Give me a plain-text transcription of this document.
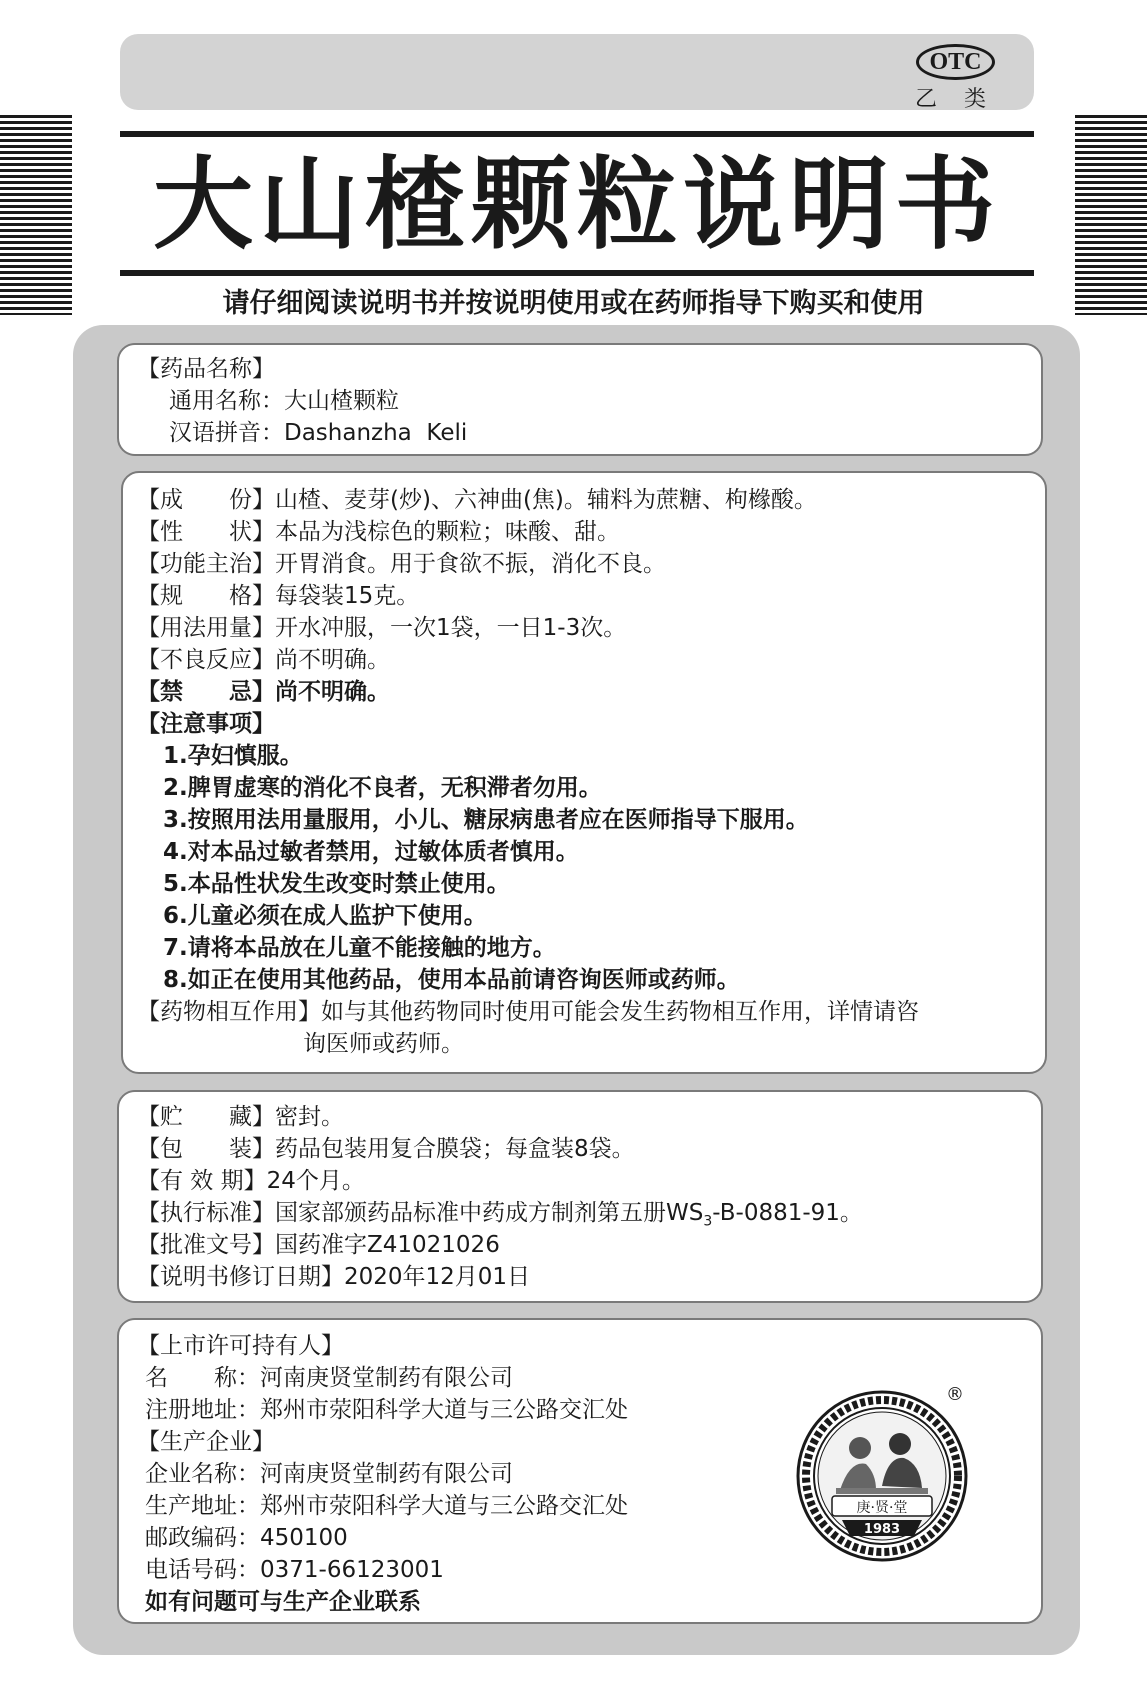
OTC
乙 类
大山楂颗粒说明书
请仔细阅读说明书并按说明使用或在药师指导下购买和使用
【药品名称】
通用名称：大山楂颗粒
汉语拼音：Dashanzha  Keli
【成　　份】山楂、麦芽(炒)、六神曲(焦)。辅料为蔗糖、枸橼酸。
【性　　状】本品为浅棕色的颗粒；味酸、甜。
【功能主治】开胃消食。用于食欲不振，消化不良。
【规　　格】每袋装15克。
【用法用量】开水冲服，一次1袋，一日1-3次。
【不良反应】尚不明确。
【禁　　忌】尚不明确。
【注意事项】
1.孕妇慎服。
2.脾胃虚寒的消化不良者，无积滞者勿用。
3.按照用法用量服用，小儿、糖尿病患者应在医师指导下服用。
4.对本品过敏者禁用，过敏体质者慎用。
5.本品性状发生改变时禁止使用。
6.儿童必须在成人监护下使用。
7.请将本品放在儿童不能接触的地方。
8.如正在使用其他药品，使用本品前请咨询医师或药师。
【药物相互作用】如与其他药物同时使用可能会发生药物相互作用，详情请咨
询医师或药师。
【贮　　藏】密封。
【包　　装】药品包装用复合膜袋；每盒装8袋。
【有 效 期】24个月。
【执行标准】国家部颁药品标准中药成方制剂第五册$WS_3-B-0881-91$。
【批准文号】国药准字Z41021026
【说明书修订日期】2020年12月01日
【上市许可持有人】
名　　称：河南庚贤堂制药有限公司
注册地址：郑州市荥阳科学大道与三公路交汇处
【生产企业】
企业名称：河南庚贤堂制药有限公司
生产地址：郑州市荥阳科学大道与三公路交汇处
邮政编码：450100
电话号码：0371-66123001
如有问题可与生产企业联系
庚·贤·堂
1983
®
